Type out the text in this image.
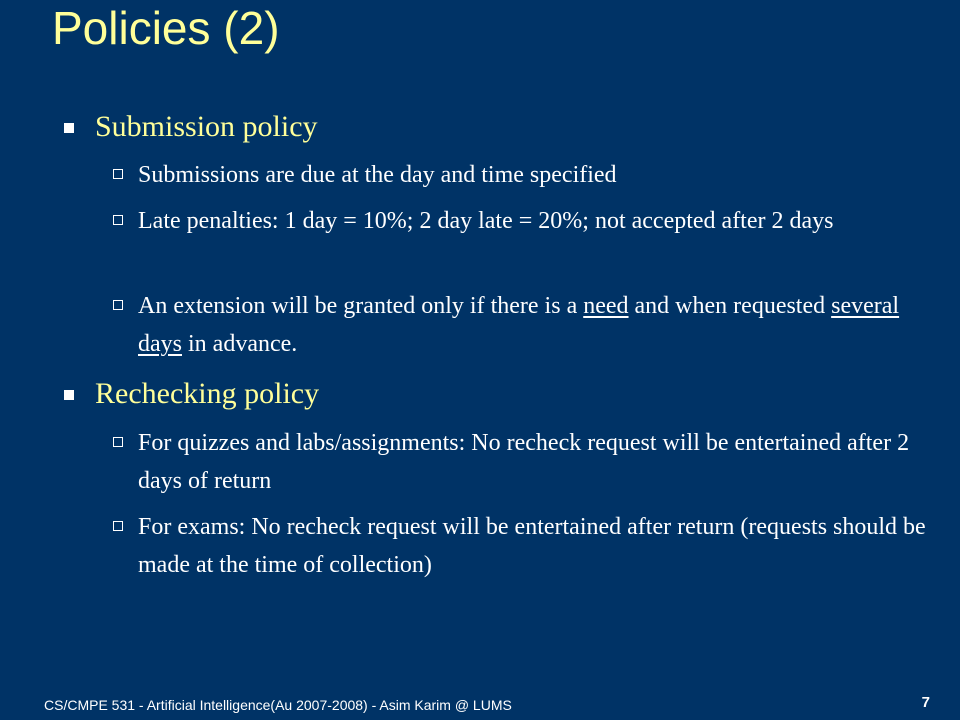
Policies (2)
Submission policy
Submissions are due at the day and time specified
Late penalties: 1 day = 10%; 2 day late = 20%; not accepted after 2 days
An extension will be granted only if there is a need and when requested several days in advance.
Rechecking policy
For quizzes and labs/assignments: No recheck request will be entertained after 2 days of return
For exams: No recheck request will be entertained after return (requests should be made at the time of collection)
CS/CMPE 531 - Artificial Intelligence(Au 2007-2008) - Asim Karim @ LUMS	7
